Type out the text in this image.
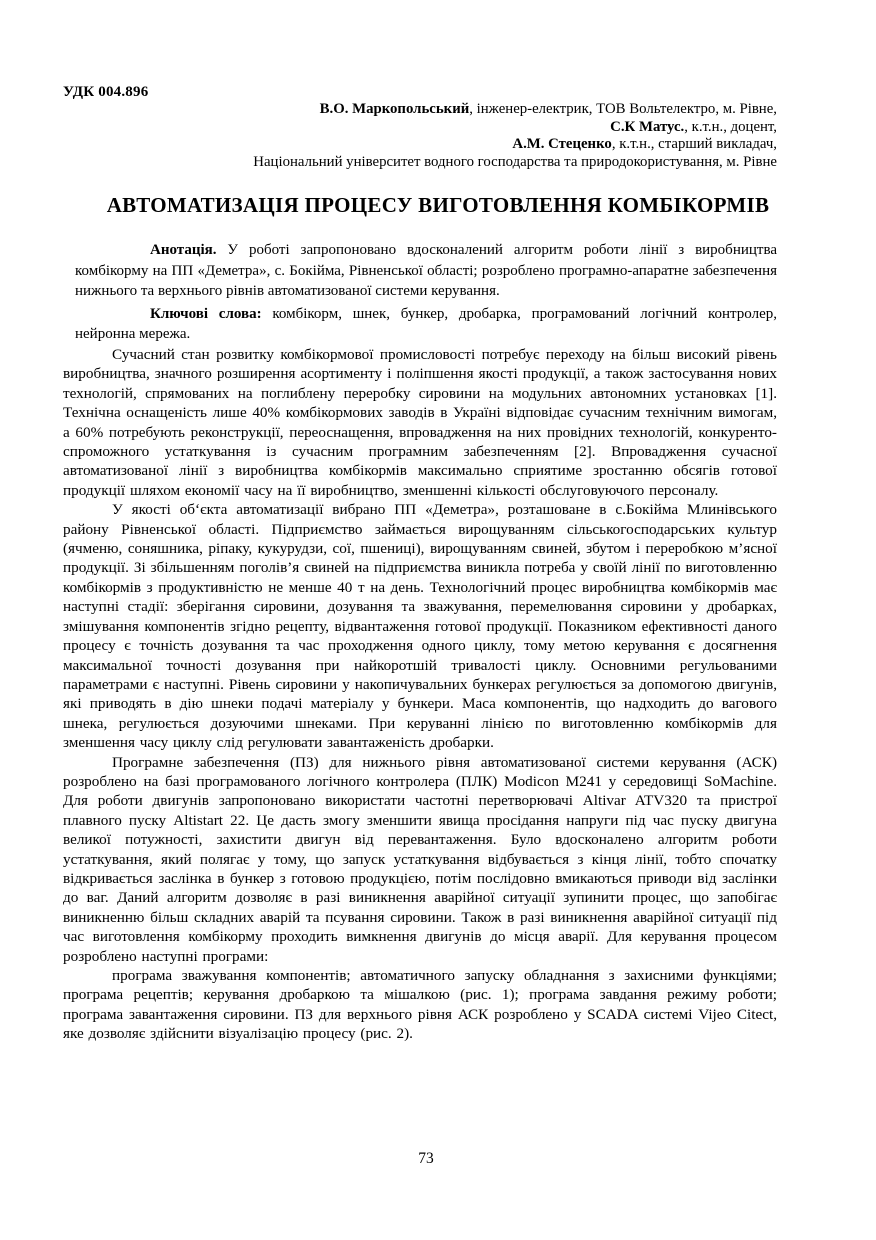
УДК 004.896
В.О. Маркопольський, інженер-електрик, ТОВ Вольтелектро, м. Рівне,
С.К Матус., к.т.н., доцент,
А.М. Стеценко, к.т.н., старший викладач,
Національний університет водного господарства та природокористування, м. Рівне
АВТОМАТИЗАЦІЯ ПРОЦЕСУ ВИГОТОВЛЕННЯ КОМБІКОРМІВ

Анотація. У роботі запропоновано вдосконалений алгоритм роботи лінії з виробництва комбікорму на ПП «Деметра», с. Бокійма, Рівненської області; розроблено програмно-апаратне забезпечення нижнього та верхнього рівнів автоматизованої системи керування.

Ключові слова: комбікорм, шнек, бункер, дробарка, програмований логічний контролер, нейронна мережа.

Сучасний стан розвитку комбікормової промисловості потребує переходу на більш високий рівень виробництва, значного розширення асортименту і поліпшення якості продукції, а також застосування нових технологій, спрямованих на поглиблену переробку сировини на модульних автономних установках [1]. Технічна оснащеність лише 40% комбікормових заводів в Україні відповідає сучасним технічним вимогам, а 60% потребують реконструкції, переоснащення, впровадження на них провідних технологій, конкуренто-спроможного устаткування із сучасним програмним забезпеченням [2]. Впровадження сучасної автоматизованої лінії з виробництва комбікормів максимально сприятиме зростанню обсягів готової продукції шляхом економії часу на її виробництво, зменшенні кількості обслуговуючого персоналу.

У якості об‘єкта автоматизації вибрано ПП «Деметра», розташоване в с.Бокійма Млинівського району Рівненської області. Підприємство займається вирощуванням сільськогосподарських культур (ячменю, соняшника, ріпаку, кукурудзи, сої, пшениці), вирощуванням свиней, збутом і переробкою м’ясної продукції. Зі збільшенням поголів’я свиней на підприємства виникла потреба у своїй лінії по виготовленню комбікормів з продуктивністю не менше 40 т на день. Технологічний процес виробництва комбікормів має наступні стадії: зберігання сировини, дозування та зважування, перемелювання сировини у дробарках, змішування компонентів згідно рецепту, відвантаження готової продукції. Показником ефективності даного процесу є точність дозування та час проходження одного циклу, тому метою керування є досягнення максимальної точності дозування при найкоротшій тривалості циклу. Основними регульованими параметрами є наступні. Рівень сировини у накопичувальних бункерах регулюється за допомогою двигунів, які приводять в дію шнеки подачі матеріалу у бункери. Маса компонентів, що надходить до вагового шнека, регулюється дозуючими шнеками. При керуванні лінією по виготовленню комбікормів для зменшення часу циклу слід регулювати завантаженість дробарки.

Програмне забезпечення (ПЗ) для нижнього рівня автоматизованої системи керування (АСК) розроблено на базі програмованого логічного контролера (ПЛК) Modicon M241 у середовищі SoMachine. Для роботи двигунів запропоновано використати частотні перетворювачі Altivar ATV320 та пристрої плавного пуску Altistart 22. Це дасть змогу зменшити явища просідання напруги під час пуску двигуна великої потужності, захистити двигун від перевантаження. Було вдосконалено алгоритм роботи устаткування, який полягає у тому, що запуск устаткування відбувається з кінця лінії, тобто спочатку відкривається заслінка в бункер з готовою продукцією, потім послідовно вмикаються приводи від заслінки до ваг. Даний алгоритм дозволяє в разі виникнення аварійної ситуації зупинити процес, що запобігає виникненню більш складних аварій та псування сировини. Також в разі виникнення аварійної ситуації під час виготовлення комбікорму проходить вимкнення двигунів до місця аварії. Для керування процесом розроблено наступні програми:

програма зважування компонентів; автоматичного запуску обладнання з захисними функціями; програма рецептів; керування дробаркою та мішалкою (рис. 1); програма завдання режиму роботи; програма завантаження сировини. ПЗ для верхнього рівня АСК розроблено у SCADA системі Vijeo Citect, яке дозволяє здійснити візуалізацію процесу (рис. 2).

73
